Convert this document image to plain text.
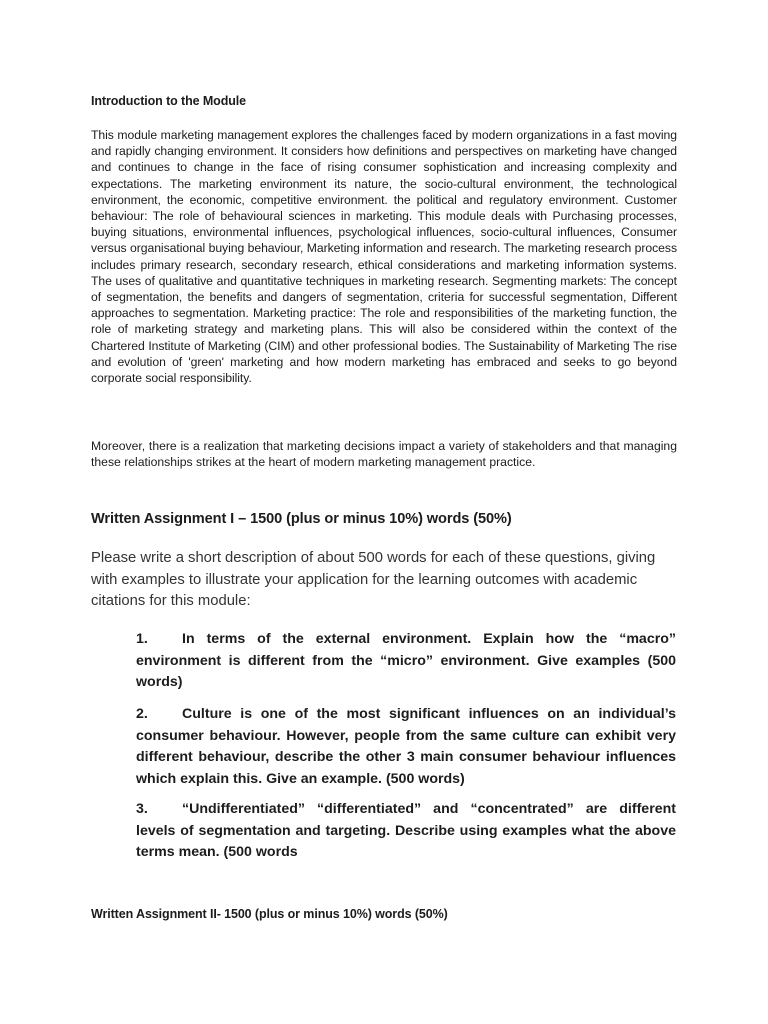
Introduction to the Module

This module marketing management explores the challenges faced by modern organizations in a fast moving and rapidly changing environment. It considers how definitions and perspectives on marketing have changed and continues to change in the face of rising consumer sophistication and increasing complexity and expectations. The marketing environment its nature, the socio-cultural environment, the technological environment, the economic, competitive environment. the political and regulatory environment. Customer behaviour: The role of behavioural sciences in marketing. This module deals with Purchasing processes, buying situations, environmental influences, psychological influences, socio-cultural influences, Consumer versus organisational buying behaviour, Marketing information and research. The marketing research process includes primary research, secondary research, ethical considerations and marketing information systems. The uses of qualitative and quantitative techniques in marketing research. Segmenting markets: The concept of segmentation, the benefits and dangers of segmentation, criteria for successful segmentation, Different approaches to segmentation. Marketing practice: The role and responsibilities of the marketing function, the role of marketing strategy and marketing plans. This will also be considered within the context of the Chartered Institute of Marketing (CIM) and other professional bodies. The Sustainability of Marketing The rise and evolution of 'green' marketing and how modern marketing has embraced and seeks to go beyond corporate social responsibility.

Moreover, there is a realization that marketing decisions impact a variety of stakeholders and that managing these relationships strikes at the heart of modern marketing management practice.

Written Assignment I – 1500 (plus or minus 10%) words (50%)

Please write a short description of about 500 words for each of these questions, giving with examples to illustrate your application for the learning outcomes with academic citations for this module:

1. In terms of the external environment. Explain how the “macro” environment is different from the “micro” environment. Give examples (500 words)

2. Culture is one of the most significant influences on an individual’s consumer behaviour. However, people from the same culture can exhibit very different behaviour, describe the other 3 main consumer behaviour influences which explain this. Give an example. (500 words)

3. “Undifferentiated” “differentiated” and “concentrated” are different levels of segmentation and targeting. Describe using examples what the above terms mean. (500 words

Written Assignment II- 1500 (plus or minus 10%) words (50%)
